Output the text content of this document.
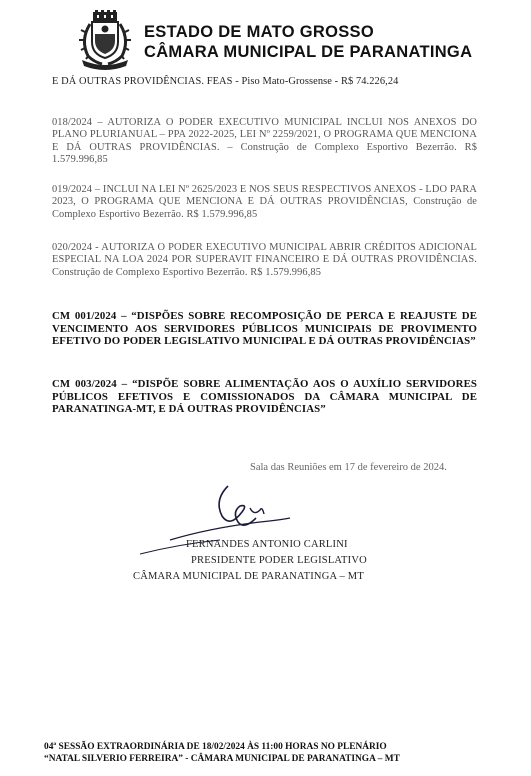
ESTADO DE MATO GROSSO
CÂMARA MUNICIPAL DE PARANATINGA
E DÁ OUTRAS PROVIDÊNCIAS. FEAS - Piso Mato-Grossense - R$ 74.226,24
018/2024 – AUTORIZA O PODER EXECUTIVO MUNICIPAL INCLUI NOS ANEXOS DO PLANO PLURIANUAL – PPA 2022-2025, LEI Nº 2259/2021, O PROGRAMA QUE MENCIONA E DÁ OUTRAS PROVIDÊNCIAS. – Construção de Complexo Esportivo Bezerrão. R$ 1.579.996,85
019/2024 – INCLUI NA LEI Nº 2625/2023 E NOS SEUS RESPECTIVOS ANEXOS - LDO PARA 2023, O PROGRAMA QUE MENCIONA E DÁ OUTRAS PROVIDÊNCIAS, Construção de Complexo Esportivo Bezerrão. R$ 1.579.996,85
020/2024 - AUTORIZA O PODER EXECUTIVO MUNICIPAL ABRIR CRÉDITOS ADICIONAL ESPECIAL NA LOA 2024 POR SUPERAVIT FINANCEIRO E DÁ OUTRAS PROVIDÊNCIAS. Construção de Complexo Esportivo Bezerrão. R$ 1.579.996,85
CM 001/2024 – “DISPÕES SOBRE RECOMPOSIÇÃO DE PERCA E REAJUSTE DE VENCIMENTO AOS SERVIDORES PÚBLICOS MUNICIPAIS DE PROVIMENTO EFETIVO DO PODER LEGISLATIVO MUNICIPAL E DÁ OUTRAS PROVIDÊNCIAS”
CM 003/2024 – “DISPÕE SOBRE ALIMENTAÇÃO AOS O AUXÍLIO SERVIDORES PÚBLICOS EFETIVOS E COMISSIONADOS DA CÂMARA MUNICIPAL DE PARANATINGA-MT, E DÁ OUTRAS PROVIDÊNCIAS”
Sala das Reuniões em 17 de fevereiro de 2024.
FERNANDES ANTONIO CARLINI
PRESIDENTE PODER LEGISLATIVO
CÂMARA MUNICIPAL DE PARANATINGA – MT
04ª SESSÃO EXTRAORDINÁRIA DE 18/02/2024 ÀS 11:00 HORAS NO PLENÁRIO
“NATAL SILVERIO FERREIRA” - CÂMARA MUNICIPAL DE PARANATINGA – MT
